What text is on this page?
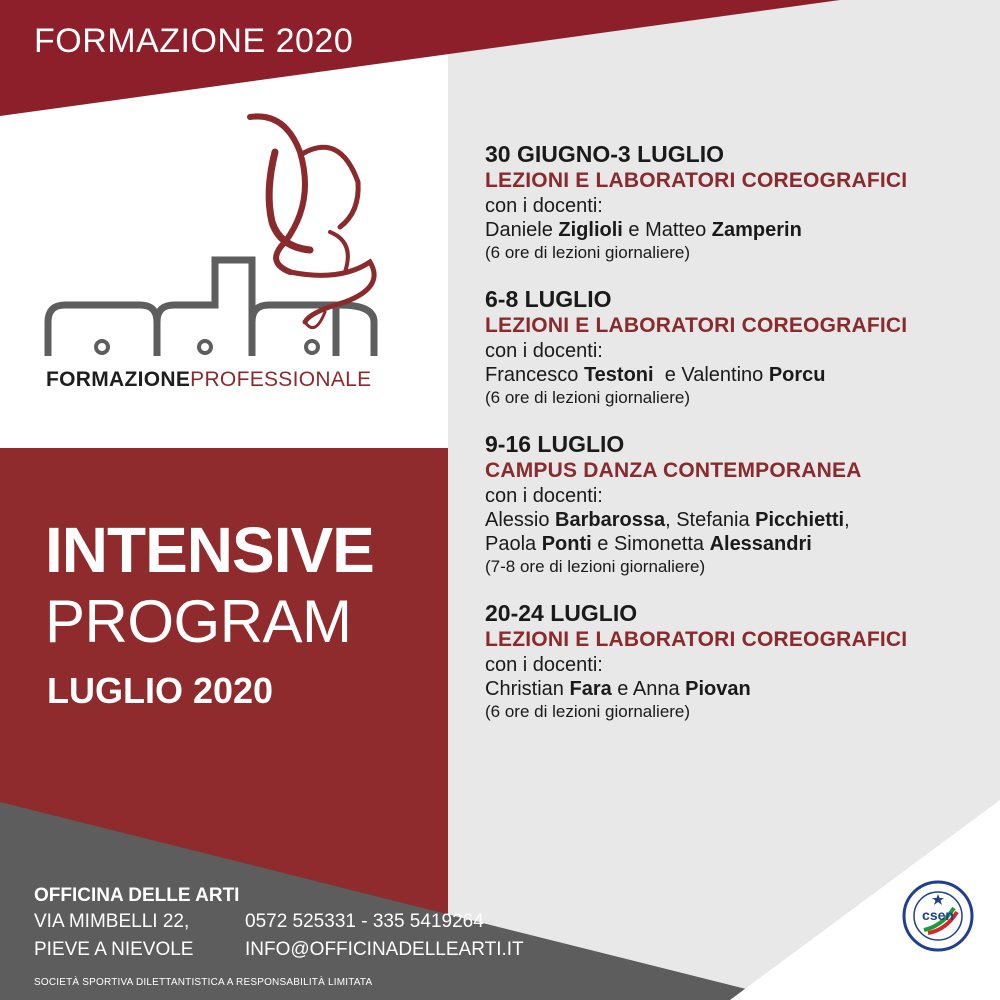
FORMAZIONE 2020
FORMAZIONEPROFESSIONALE
INTENSIVE
PROGRAM
LUGLIO 2020
30 GIUGNO-3 LUGLIO
LEZIONI E LABORATORI COREOGRAFICI
con i docenti:
Daniele Ziglioli e Matteo Zamperin
(6 ore di lezioni giornaliere)
6-8 LUGLIO
LEZIONI E LABORATORI COREOGRAFICI
con i docenti:
Francesco Testoni  e Valentino Porcu
(6 ore di lezioni giornaliere)
9-16 LUGLIO
CAMPUS DANZA CONTEMPORANEA
con i docenti:
Alessio Barbarossa, Stefania Picchietti,
Paola Ponti e Simonetta Alessandri
(7-8 ore di lezioni giornaliere)
20-24 LUGLIO
LEZIONI E LABORATORI COREOGRAFICI
con i docenti:
Christian Fara e Anna Piovan
(6 ore di lezioni giornaliere)
OFFICINA DELLE ARTI
VIA MIMBELLI 22,
PIEVE A NIEVOLE
0572 525331 - 335 5419264
INFO@OFFICINADELLEARTI.IT
SOCIETÀ SPORTIVA DILETTANTISTICA A RESPONSABILITÀ LIMITATA
csen
